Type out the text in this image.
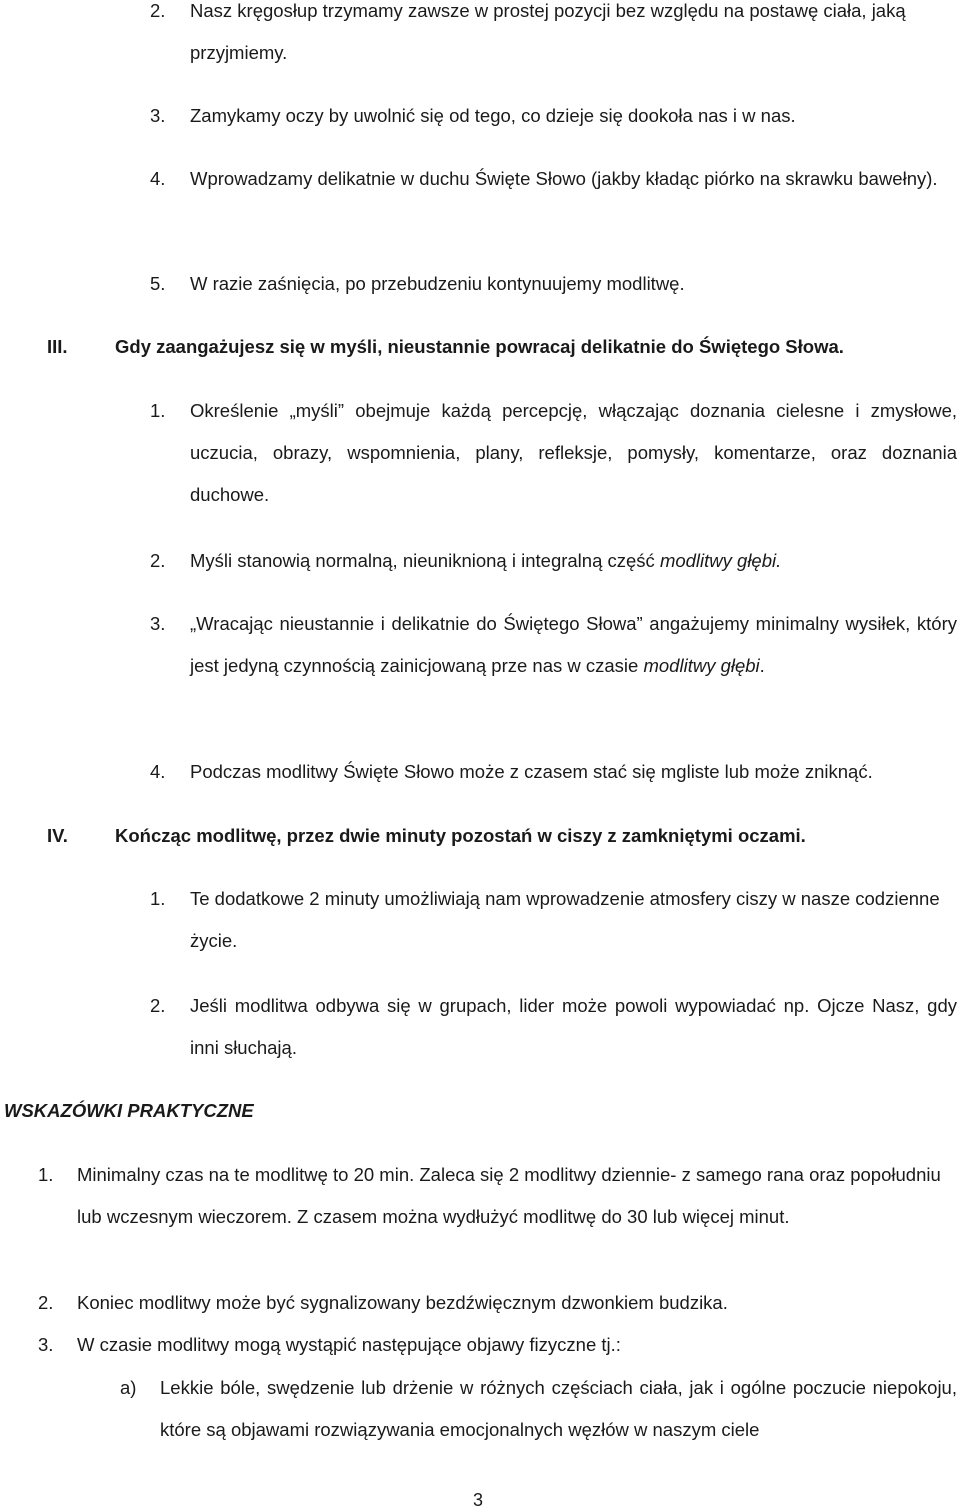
2. Nasz kręgosłup trzymamy zawsze w prostej pozycji bez względu na postawę ciała, jaką przyjmiemy.
3. Zamykamy oczy by uwolnić się od tego, co dzieje się dookoła nas i w nas.
4. Wprowadzamy delikatnie w duchu Święte Słowo (jakby kładąc piórko na skrawku bawełny).
5. W razie zaśnięcia, po przebudzeniu kontynuujemy modlitwę.
III.	Gdy zaangażujesz się w myśli, nieustannie powracaj delikatnie do Świętego Słowa.
1. Określenie „myśli” obejmuje każdą percepcję, włączając doznania cielesne i zmysłowe, uczucia, obrazy, wspomnienia, plany, refleksje, pomysły, komentarze, oraz doznania duchowe.
2. Myśli stanowią normalną, nieuniknioną i integralną część modlitwy głębi.
3. „Wracając nieustannie i delikatnie do Świętego Słowa” angażujemy minimalny wysiłek, który jest jedyną czynnością zainicjowaną prze nas w czasie modlitwy głębi.
4. Podczas modlitwy Święte Słowo może z czasem stać się mgliste lub może zniknąć.
IV.	Kończąc modlitwę, przez dwie minuty pozostań w ciszy z zamkniętymi oczami.
1. Te dodatkowe 2 minuty umożliwiają nam wprowadzenie atmosfery ciszy w nasze codzienne życie.
2. Jeśli modlitwa odbywa się w grupach, lider może powoli wypowiadać np. Ojcze Nasz, gdy inni słuchają.
WSKAZÓWKI PRAKTYCZNE
1. Minimalny czas na te modlitwę to 20 min. Zaleca się 2 modlitwy dziennie- z samego rana oraz popołudniu lub wczesnym wieczorem. Z czasem można wydłużyć modlitwę do 30 lub więcej minut.
2. Koniec modlitwy może być sygnalizowany bezdźwięcznym dzwonkiem budzika.
3. W czasie modlitwy mogą wystąpić następujące objawy fizyczne tj.:
a) Lekkie bóle, swędzenie lub drżenie w różnych częściach ciała, jak i ogólne poczucie niepokoju, które są objawami rozwiązywania emocjonalnych węzłów w naszym ciele
3
